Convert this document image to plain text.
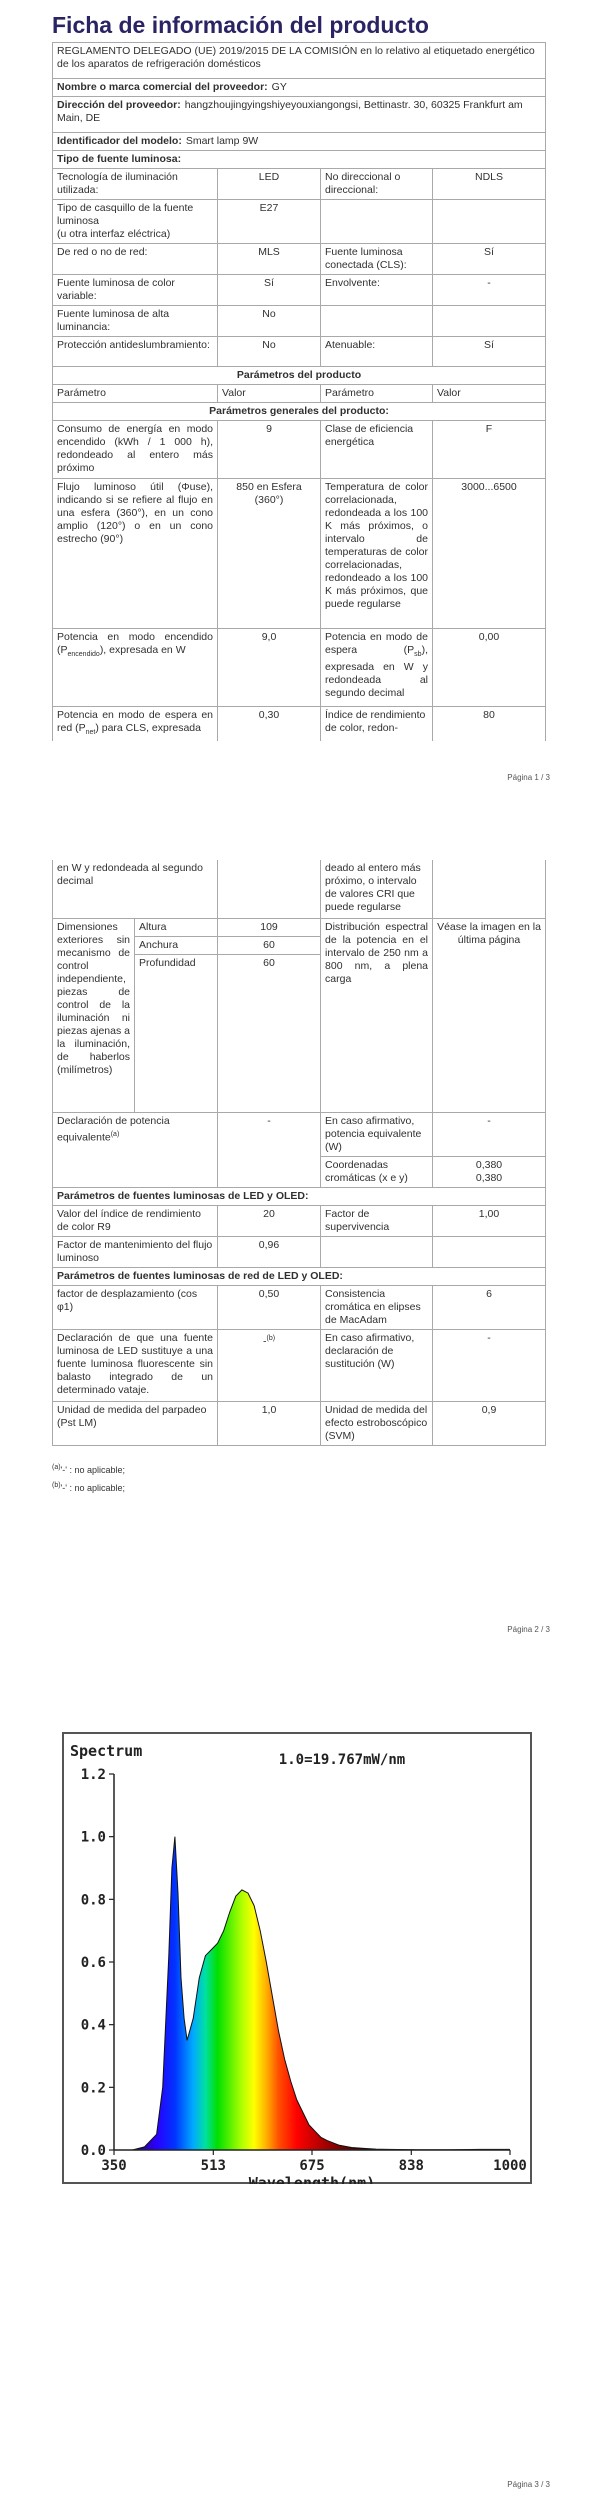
Ficha de información del producto
REGLAMENTO DELEGADO (UE) 2019/2015 DE LA COMISIÓN en lo relativo al etiquetado energético de los aparatos de refrigeración domésticos			
Nombre o marca comercial del proveedor: GY			
Dirección del proveedor: hangzhoujingyingshiyeyouxiangongsi, Bettinastr. 30, 60325 Frankfurt am Main, DE			
Identificador del modelo: Smart lamp 9W			
Tipo de fuente luminosa:			
Tecnología de iluminación utilizada:	LED	No direccional o direccional:	NDLS
Tipo de casquillo de la fuente luminosa
(u otra interfaz eléctrica)	E27		
De red o no de red:	MLS	Fuente luminosa conectada (CLS):	Sí
Fuente luminosa de color variable:	Sí	Envolvente:	-
Fuente luminosa de alta luminancia:	No		
Protección antideslumbramiento:	No	Atenuable:	Sí
Parámetros del producto			
Parámetro	Valor	Parámetro	Valor
Parámetros generales del producto:			
Consumo de energía en modo encendido (kWh / 1 000 h), redondeado al entero más próximo	9	Clase de eficiencia energética	F
Flujo luminoso útil (Φuse), indicando si se refiere al flujo en una esfera (360°), en un cono amplio (120°) o en un cono estrecho (90°)	850 en Esfera (360°)	Temperatura de color correlacionada, redondeada a los 100 K más próximos, o intervalo de temperaturas de color correlacionadas, redondeado a los 100 K más próximos, que puede regularse	3000...6500
Potencia en modo encendido $(P_{encendido})$, expresada en W	9,0	Potencia en modo de espera $(P_{sb})$, expresada en W y redondeada al segundo decimal	0,00
Potencia en modo de espera en red $(P_{net})$ para CLS, expresada	0,30	Índice de rendimiento de color, redon-	80
Página 1 / 3
en W y redondeada al segundo decimal			deado al entero más próximo, o intervalo de valores CRI que puede regularse	
Dimensiones exteriores sin mecanismo de control independiente, piezas de control de la iluminación ni piezas ajenas a la iluminación, de haberlos (milímetros)	Altura	109	Distribución espectral de la potencia en el intervalo de 250 nm a 800 nm, a plena carga	Véase la imagen en la última página
	Anchura	60		
	Profundidad	60		
Declaración de potencia equivalente$^{(a)}$		-	En caso afirmativo, potencia equivalente (W)	-
			Coordenadas cromáticas (x e y)	0,380
0,380

Parámetros de fuentes luminosas de LED y OLED:				
Valor del índice de rendimiento de color R9		20	Factor de supervivencia	1,00
Factor de mantenimiento del flujo luminoso		0,96		
Parámetros de fuentes luminosas de red de LED y OLED:				
factor de desplazamiento (cos φ1)		0,50	Consistencia cromática en elipses de MacAdam	6
Declaración de que una fuente luminosa de LED sustituye a una fuente luminosa fluorescente sin balasto integrado de un determinado vataje.		-$^{(b)}$	En caso afirmativo, declaración de sustitución (W)	-
Unidad de medida del parpadeo (Pst LM)		1,0	Unidad de medida del efecto estroboscópico (SVM)	0,9
$^{(a)}$'-' : no aplicable;
$^{(b)}$'-' : no aplicable;
Página 2 / 3
Página 3 / 3
0.0
0.2
0.4
0.6
0.8
1.0
1.2
350	513	675	838	1000
Spectrum	1.0=19.767mW/nm
Wavelength(nm)
